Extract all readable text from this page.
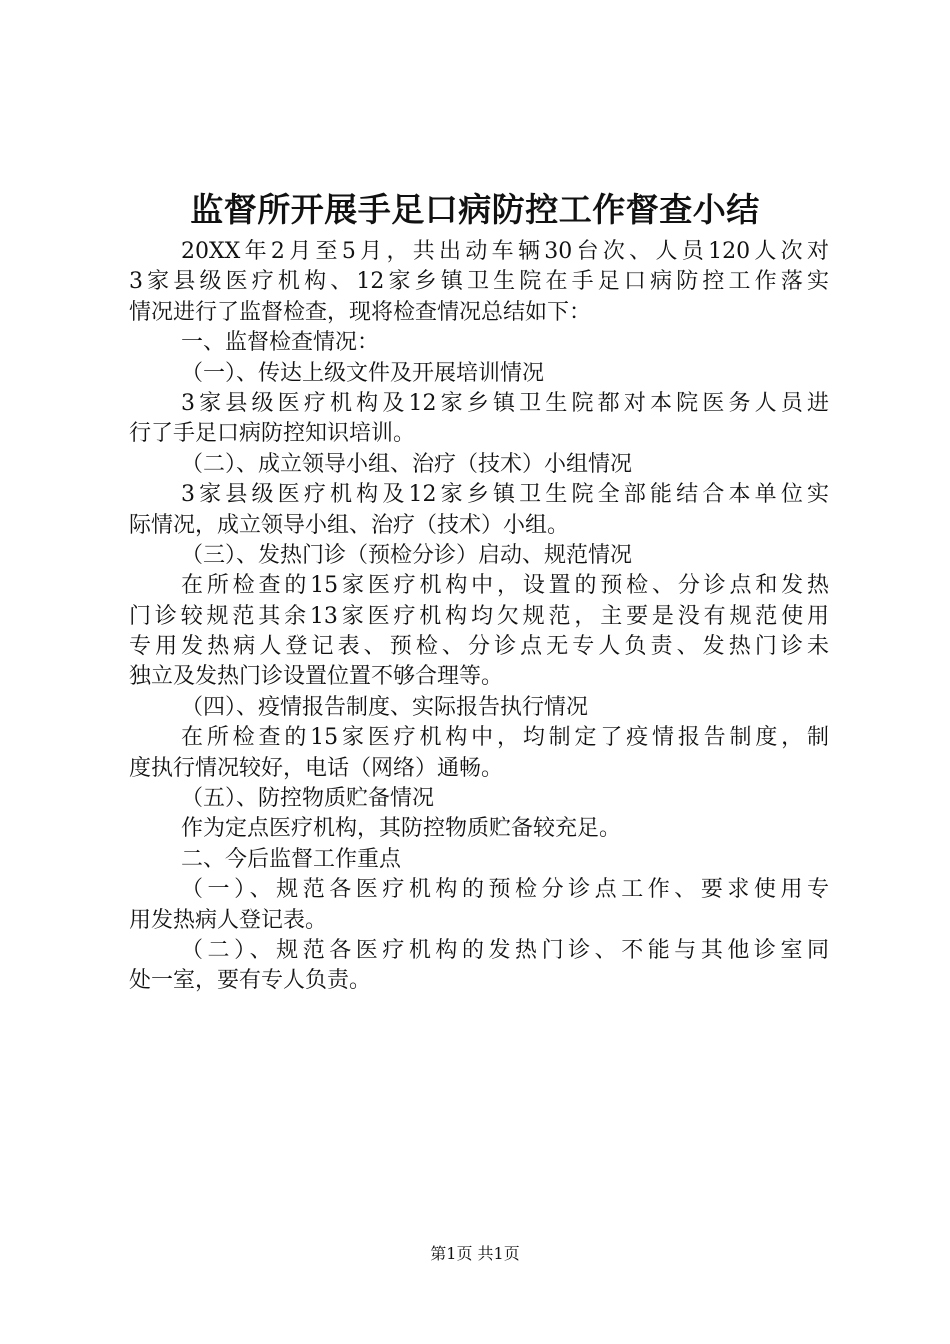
监督所开展手足口病防控工作督查小结
20XX年2月至5月，共出动车辆30台次、人员120人次对
3家县级医疗机构、12家乡镇卫生院在手足口病防控工作落实
情况进行了监督检查，现将检查情况总结如下：
一、监督检查情况：
（一）、传达上级文件及开展培训情况
3家县级医疗机构及12家乡镇卫生院都对本院医务人员进
行了手足口病防控知识培训。
（二）、成立领导小组、治疗（技术）小组情况
3家县级医疗机构及12家乡镇卫生院全部能结合本单位实
际情况，成立领导小组、治疗（技术）小组。
（三）、发热门诊（预检分诊）启动、规范情况
在所检查的15家医疗机构中，设置的预检、分诊点和发热
门诊较规范其余13家医疗机构均欠规范，主要是没有规范使用
专用发热病人登记表、预检、分诊点无专人负责、发热门诊未
独立及发热门诊设置位置不够合理等。
（四）、疫情报告制度、实际报告执行情况
在所检查的15家医疗机构中，均制定了疫情报告制度，制
度执行情况较好，电话（网络）通畅。
（五）、防控物质贮备情况
作为定点医疗机构，其防控物质贮备较充足。
二、今后监督工作重点
（一）、规范各医疗机构的预检分诊点工作、要求使用专
用发热病人登记表。
（二）、规范各医疗机构的发热门诊、不能与其他诊室同
处一室，要有专人负责。
第1页 共1页
